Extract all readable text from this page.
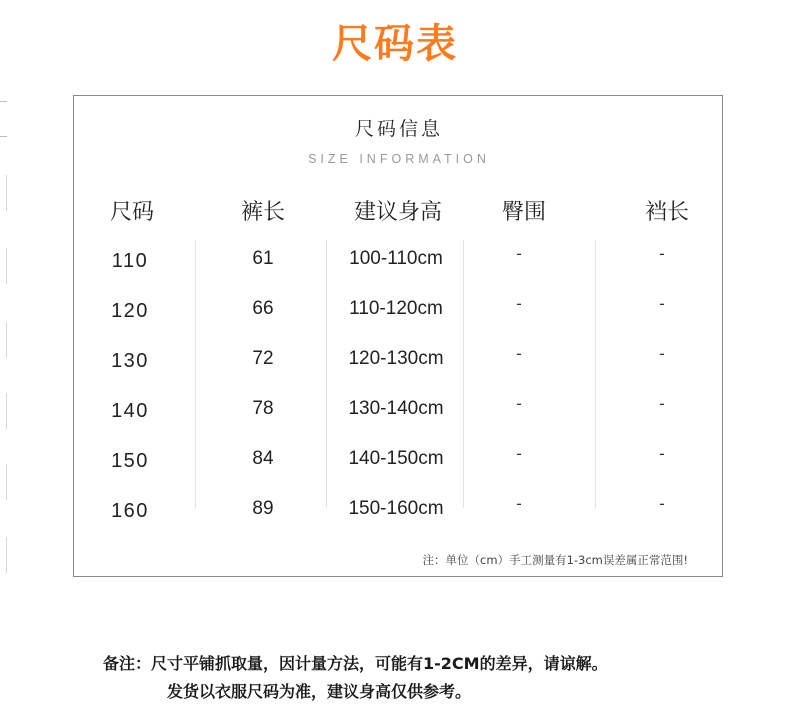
尺码表
尺码信息
SIZE INFORMATION
尺码	裤长	建议身高	臀围	裆长
110	61	100-110cm	-	-
120	66	110-120cm	-	-
130	72	120-130cm	-	-
140	78	130-140cm	-	-
150	84	140-150cm	-	-
160	89	150-160cm	-	-
注：单位（cm）手工测量有1-3cm误差属正常范围!
备注：尺寸平铺抓取量，因计量方法，可能有1-2CM的差异，请谅解。
发货以衣服尺码为准，建议身高仅供参考。
